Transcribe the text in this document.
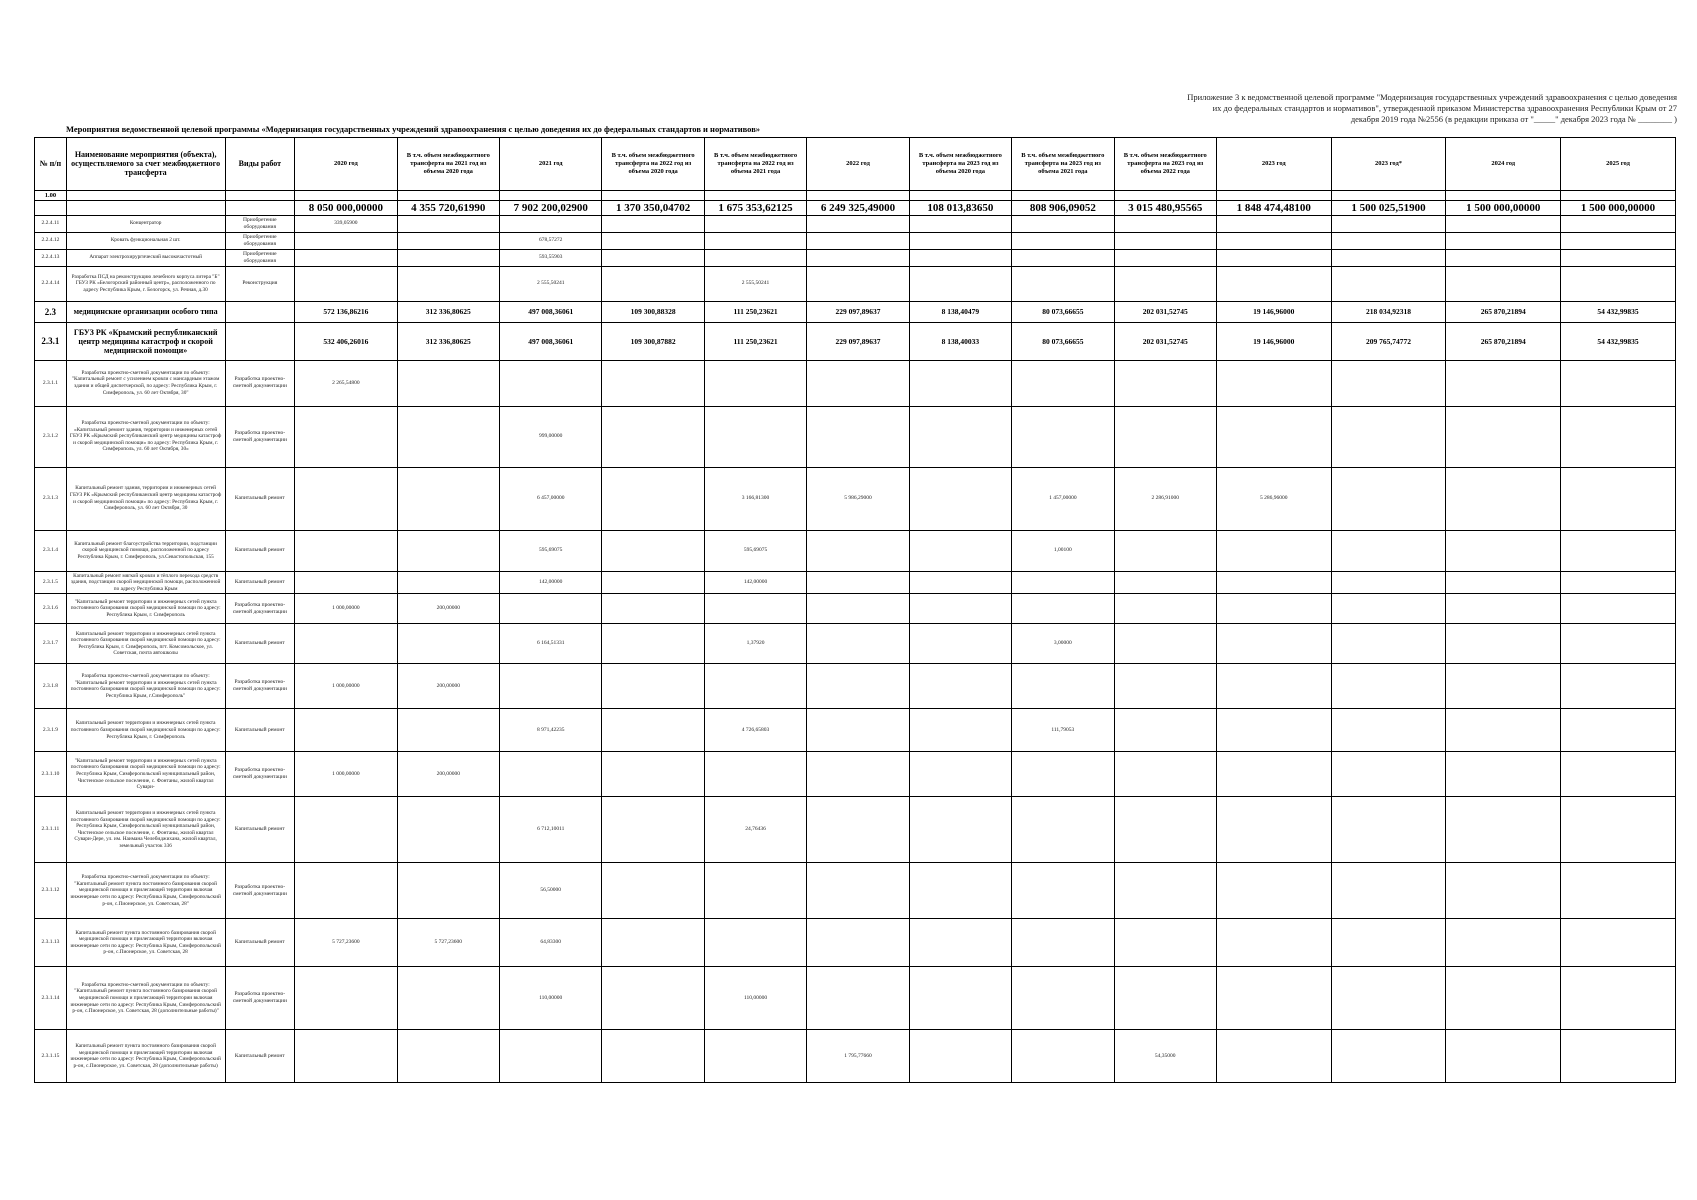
Приложение 3 к ведомственной целевой программе "Модернизация государственных учреждений здравоохранения с целью доведения
их до федеральных стандартов и нормативов", утвержденной приказом Министерства здравоохранения Республики Крым от 27
декабря 2019 года №2556 (в редакции приказа от "_____" декабря 2023 года № ________ )
Мероприятия ведомственной целевой программы «Модернизация государственных учреждений здравоохранения с целью доведения их до федеральных стандартов и нормативов»

№ п/п	Наименование мероприятия (объекта), осуществляемого за счет межбюджетного трансферта	Виды работ	2020 год	В т.ч. объем межбюджетного трансферта на 2021 год из объема 2020 года	2021 год	В т.ч. объем межбюджетного трансферта на 2022 год из объема 2020 года	В т.ч. объем межбюджетного трансферта на 2022 год из объема 2021 года	2022 год	В т.ч. объем межбюджетного трансферта на 2023 год из объема 2020 года	В т.ч. объем межбюджетного трансферта на 2023 год из объема 2021 года	В т.ч. объем межбюджетного трансферта на 2023 год из объема 2022 года	2023 год	2023 год*	2024 год	2025 год
1.00															
			8 050 000,00000	4 355 720,61990	7 902 200,02900	1 370 350,04702	1 675 353,62125	6 249 325,49000	108 013,83650	808 906,09052	3 015 480,95565	1 848 474,48100	1 500 025,51900	1 500 000,00000	1 500 000,00000
2.2.4.11	Концентратор	Приобретение оборудования	339,05900												
2.2.4.12	Кровать функциональная 2 шт.	Приобретение оборудования			678,57272										
2.2.4.13	Аппарат электрохирургический высокочастотный	Приобретение оборудования			593,55903										
2.2.4.14	Разработка ПСД на реконструкцию лечебного корпуса литера "Б" ГБУЗ РК «Белогорский районный центр», расположенного по адресу Республика Крым, г. Белогорск, ул. Речная, д.30	Реконструкция			2 555,50241		2 555,50241								
2.3	медицинские организации особого типа		572 136,86216	312 336,80625	497 008,36061	109 300,88328	111 250,23621	229 097,89637	8 138,40479	80 073,66655	202 031,52745	19 146,96000	218 034,92318	265 870,21894	54 432,99835
2.3.1	ГБУЗ РК «Крымский республиканский центр медицины катастроф и скорой медицинской помощи»		532 406,26016	312 336,80625	497 008,36061	109 300,87882	111 250,23621	229 097,89637	8 138,40033	80 073,66655	202 031,52745	19 146,96000	209 765,74772	265 870,21894	54 432,99835
2.3.1.1	Разработка проектно-сметной документации по объекту: "Капитальный ремонт с усилением кровли с мансардным этажом здания и общей диспетчерской, по адресу: Республика Крым, г. Симферополь, ул. 60 лет Октября, 30"	Разработка проектно-сметной документации	2 265,54800												
2.3.1.2	Разработка проектно-сметной документации по объекту: «Капитальный ремонт здания, территории и инженерных сетей ГБУЗ РК «Крымский республиканский центр медицины катастроф и скорой медицинской помощи» по адресу: Республика Крым, г. Симферополь, ул. 60 лет Октября, 30»	Разработка проектно-сметной документации			999,00000										
2.3.1.3	Капитальный ремонт здания, территории и инженерных сетей ГБУЗ РК «Крымский республиканский центр медицины катастроф и скорой медицинской помощи» по адресу: Республика Крым, г. Симферополь, ул. 60 лет Октября, 30	Капитальный ремонт			6 457,00000		3 166,81300	5 986,29000		1 457,00000	2 286,91000	5 286,96000			
2.3.1.4	Капитальный ремонт благоустройства территории, подстанции скорой медицинской помощи, расположенной по адресу Республика Крым, г. Симферополь, ул.Севастопольская, 155	Капитальный ремонт			595,69075		595,69075			1,00100					
2.3.1.5	Капитальный ремонт мягкой кровли и тёплого перехода средств здания, подстанции скорой медицинской помощи, расположенной по адресу Республика Крым	Капитальный ремонт			142,00000		142,00000								
2.3.1.6	"Капитальный ремонт территории и инженерных сетей пункта постоянного базирования скорой медицинской помощи по адресу: Республика Крым, г. Симферополь	Разработка проектно-сметной документации	1 000,00000	200,00000											
2.3.1.7	Капитальный ремонт территории и инженерных сетей пункта постоянного базирования скорой медицинской помощи по адресу: Республика Крым, г. Симферополь, пгт. Комсомольское, ул. Советская, почта автошколы	Капитальный ремонт			6 164,51331		1,37920			3,00000					
2.3.1.8	Разработка проектно-сметной документации по объекту: "Капитальный ремонт территории и инженерных сетей пункта постоянного базирования скорой медицинской помощи по адресу: Республика Крым, г.Симферополь"	Разработка проектно-сметной документации	1 000,00000	200,00000											
2.3.1.9	Капитальный ремонт территории и инженерных сетей пункта постоянного базирования скорой медицинской помощи по адресу: Республика Крым, г. Симферополь	Капитальный ремонт			8 971,42235		4 726,65803			111,79053					
2.3.1.10	"Капитальный ремонт территории и инженерных сетей пункта постоянного базирования скорой медицинской помощи по адресу: Республика Крым, Симферопольский муниципальный район, Чистенское сельское поселение, с. Фонтаны, жилой квартал Сувари-	Разработка проектно-сметной документации	1 000,00000	200,00000											
2.3.1.11	Капитальный ремонт территории и инженерных сетей пункта постоянного базирования скорой медицинской помощи по адресу: Республика Крым, Симферопольский муниципальный район, Чистенское сельское поселение, с. Фонтаны, жилой квартал Сувари-Дере, ул. им. Наимана Челебиджихана, жилой квартал, земельный участок 336	Капитальный ремонт			6 712,10011		24,76436								
2.3.1.12	Разработка проектно-сметной документации по объекту: "Капитальный ремонт пункта постоянного базирования скорой медицинской помощи и прилегающей территории включая инженерные сети по адресу: Республика Крым, Симферопольский р-он, с.Пионерское, ул. Советская, 28"	Разработка проектно-сметной документации			56,50000										
2.3.1.13	Капитальный ремонт пункта постоянного базирования скорой медицинской помощи и прилегающей территории включая инженерные сети по адресу: Республика Крым, Симферопольский р-он, с.Пионерское, ул. Советская, 28	Капитальный ремонт	5 727,23600	5 727,23600	64,83300										
2.3.1.14	Разработка проектно-сметной документации по объекту: "Капитальный ремонт пункта постоянного базирования скорой медицинской помощи и прилегающей территории включая инженерные сети по адресу: Республика Крым, Симферопольский р-он, с.Пионерское, ул. Советская, 28 (дополнительные работы)"	Разработка проектно-сметной документации			110,00000		110,00000								
2.3.1.15	Капитальный ремонт пункта постоянного базирования скорой медицинской помощи и прилегающей территории включая инженерные сети по адресу: Республика Крым, Симферопольский р-он, с.Пионерское, ул. Советская, 28 (дополнительные работы)	Капитальный ремонт						1 795,77660			54,35000				
